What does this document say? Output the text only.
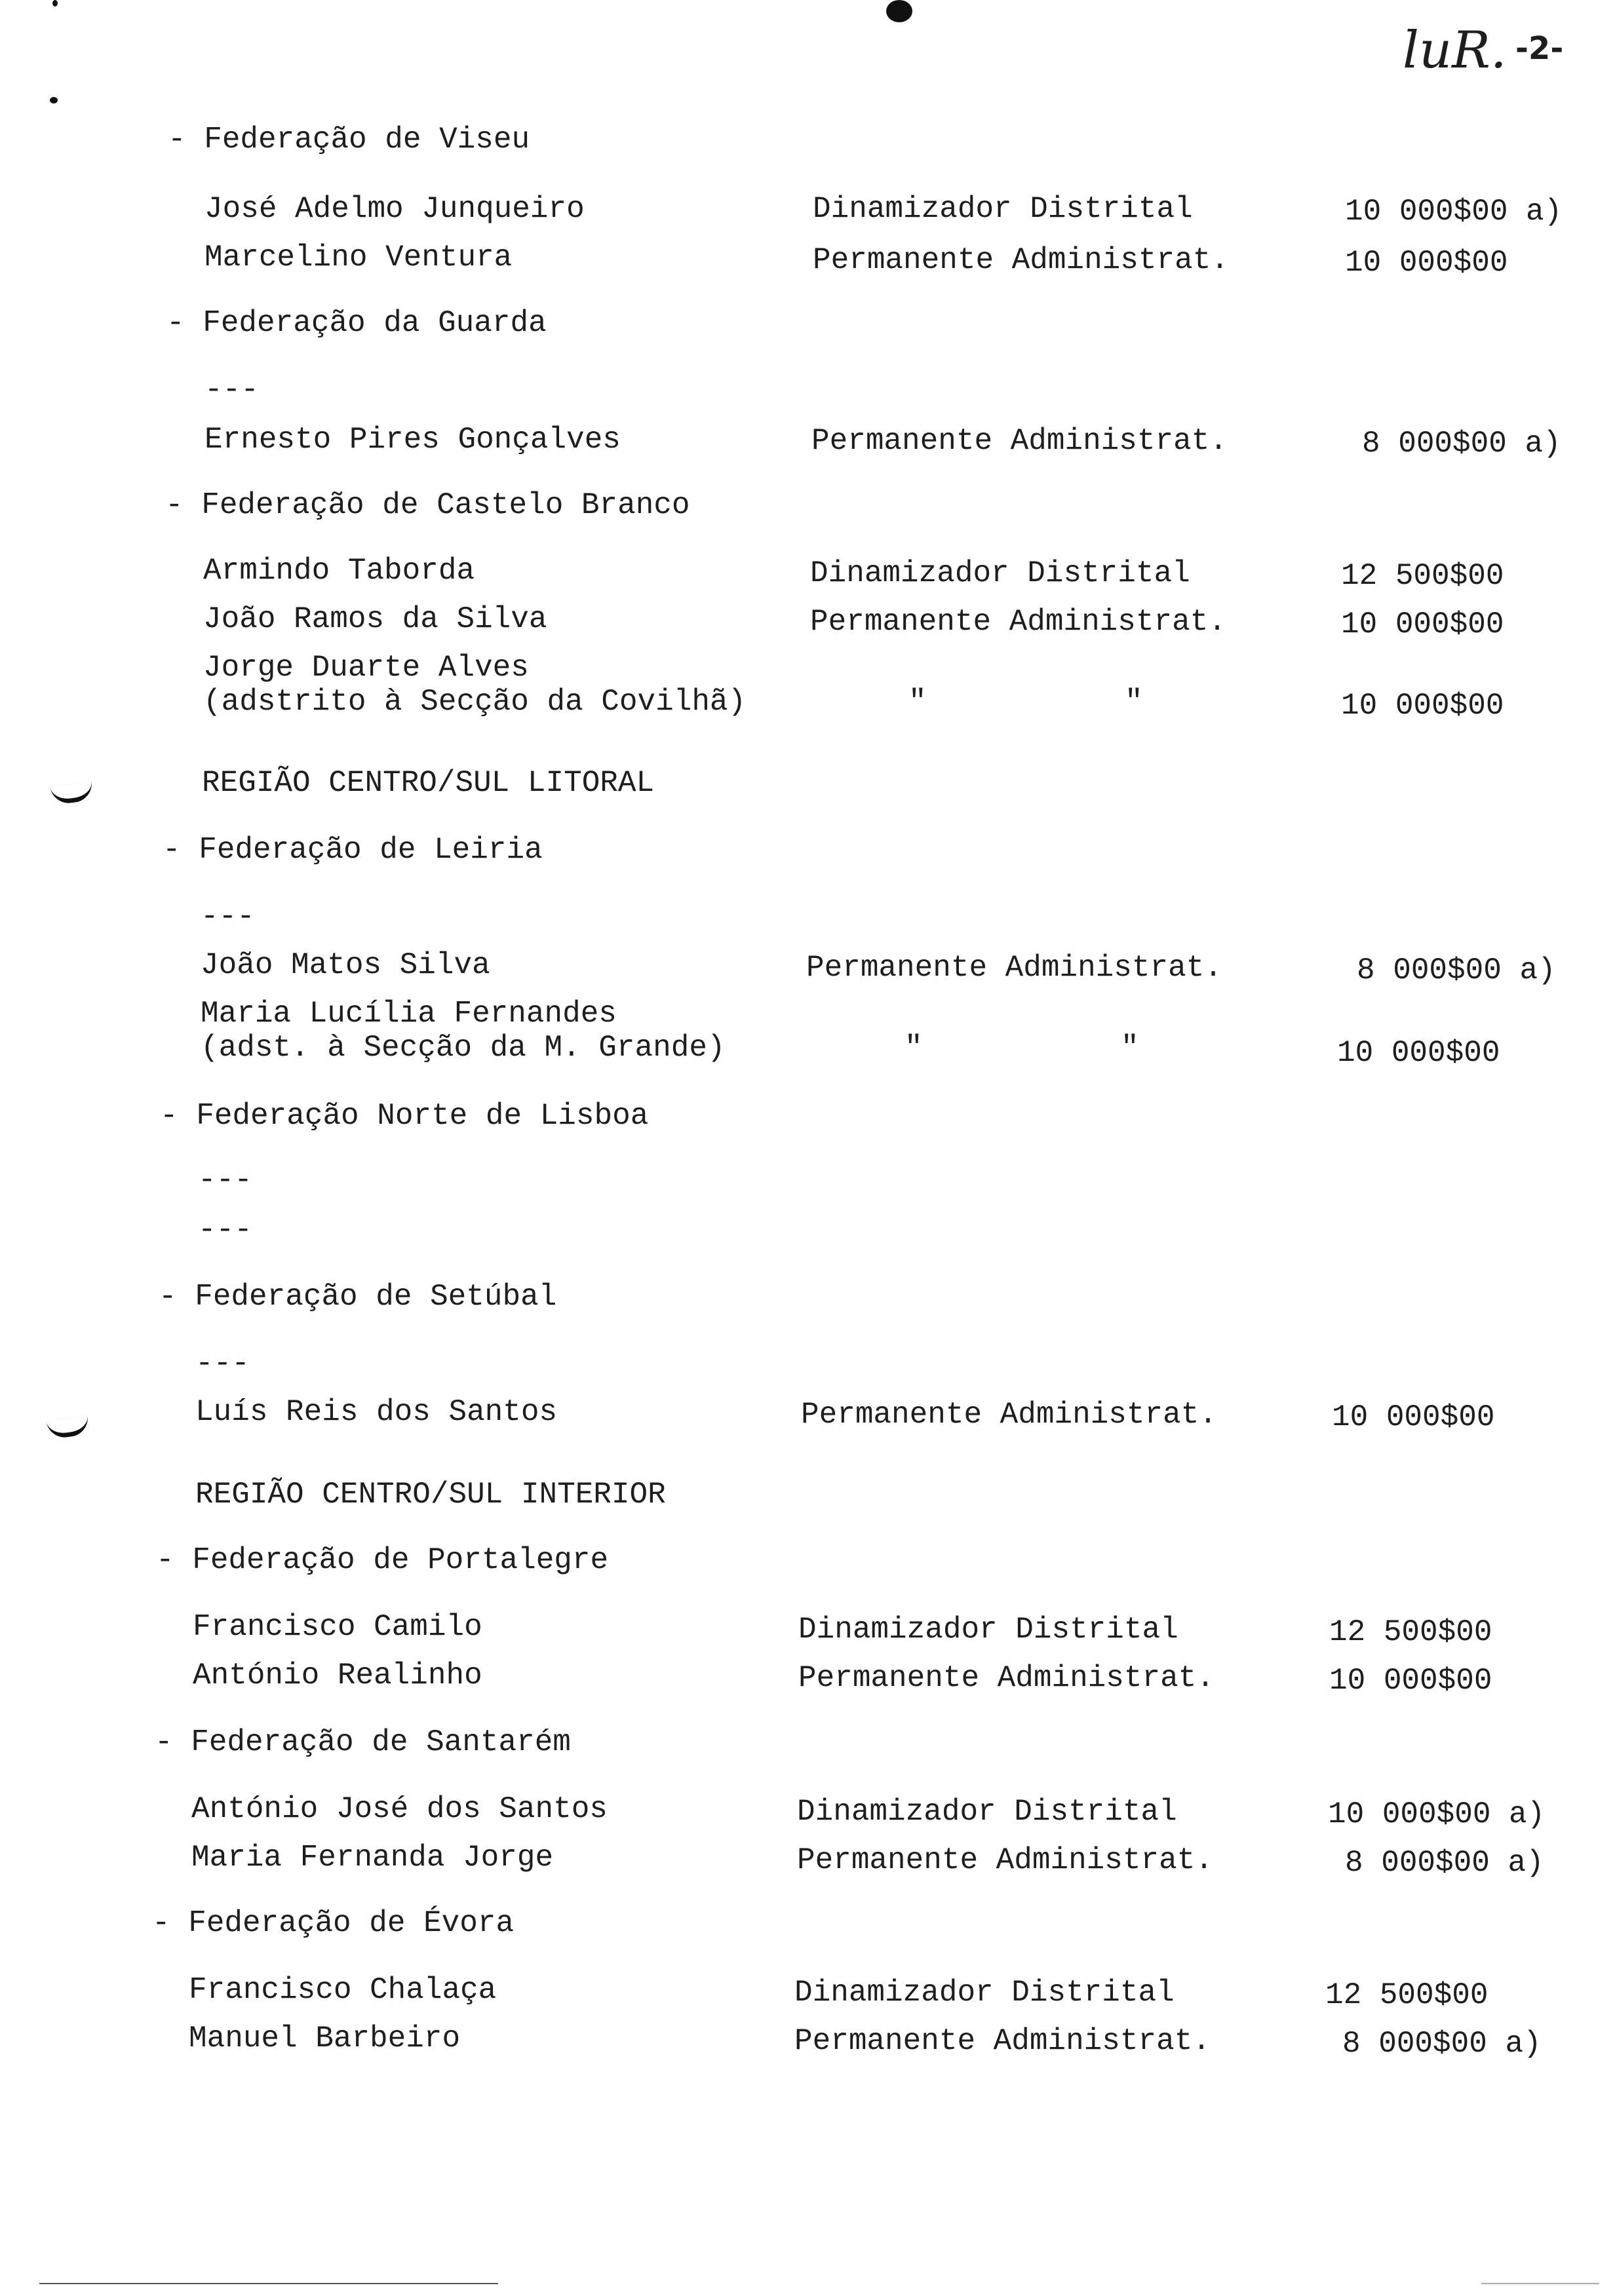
luR. -2-
- Federação de Viseu
José Adelmo Junqueiro	Dinamizador Distrital	10 000$00 a)
Marcelino Ventura	Permanente Administrat.	10 000$00
- Federação da Guarda
---
Ernesto Pires Gonçalves	Permanente Administrat.	8 000$00 a)
- Federação de Castelo Branco
Armindo Taborda	Dinamizador Distrital	12 500$00
João Ramos da Silva	Permanente Administrat.	10 000$00
Jorge Duarte Alves
(adstrito à Secção da Covilhã)	"	"	10 000$00
REGIÃO CENTRO/SUL LITORAL
- Federação de Leiria
---
João Matos Silva	Permanente Administrat.	8 000$00 a)
Maria Lucília Fernandes
(adst. à Secção da M. Grande)	"	"	10 000$00
- Federação Norte de Lisboa
---
---
- Federação de Setúbal
---
Luís Reis dos Santos	Permanente Administrat.	10 000$00
REGIÃO CENTRO/SUL INTERIOR
- Federação de Portalegre
Francisco Camilo	Dinamizador Distrital	12 500$00
António Realinho	Permanente Administrat.	10 000$00
- Federação de Santarém
António José dos Santos	Dinamizador Distrital	10 000$00 a)
Maria Fernanda Jorge	Permanente Administrat.	8 000$00 a)
- Federação de Évora
Francisco Chalaça	Dinamizador Distrital	12 500$00
Manuel Barbeiro	Permanente Administrat.	8 000$00 a)
